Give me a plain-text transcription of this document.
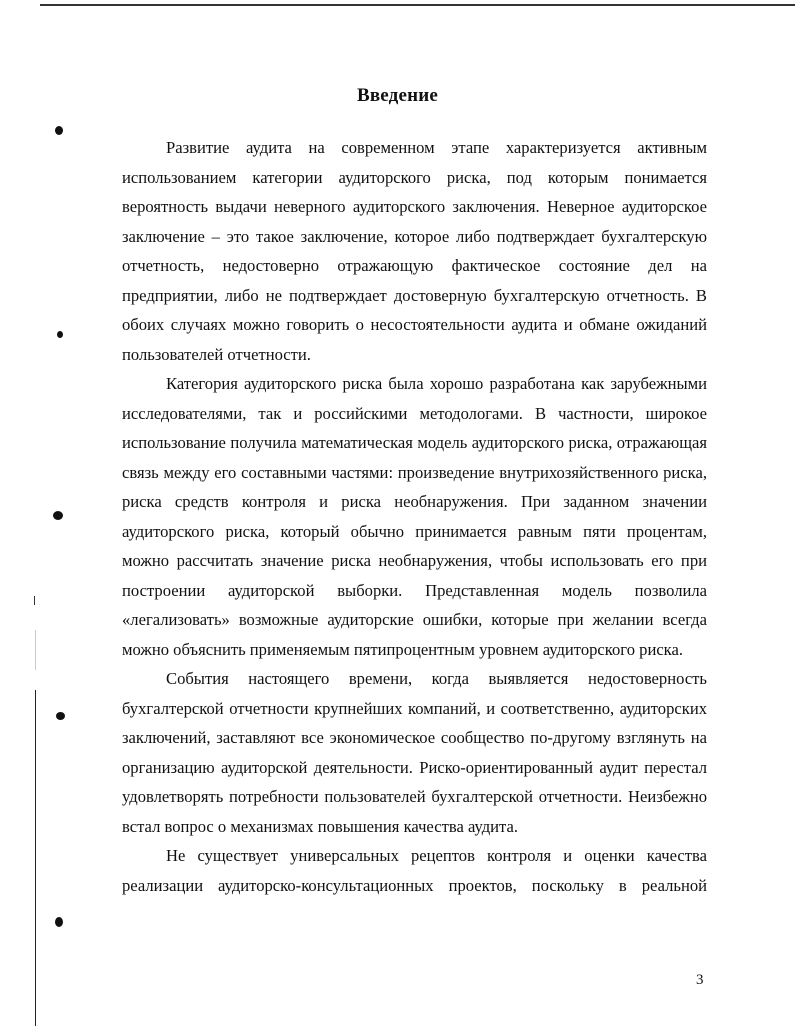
Введение

Развитие аудита на современном этапе характеризуется активным использованием категории аудиторского риска, под которым понимается вероятность выдачи неверного аудиторского заключения. Неверное аудиторское заключение – это такое заключение, которое либо подтверждает бухгалтерскую отчетность, недостоверно отражающую фактическое состояние дел на предприятии, либо не подтверждает достоверную бухгалтерскую отчетность. В обоих случаях можно говорить о несостоятельности аудита и обмане ожиданий пользователей отчетности.

Категория аудиторского риска была хорошо разработана как зарубежными исследователями, так и российскими методологами. В частности, широкое использование получила математическая модель аудиторского риска, отражающая связь между его составными частями: произведение внутрихозяйственного риска, риска средств контроля и риска необнаружения. При заданном значении аудиторского риска, который обычно принимается равным пяти процентам, можно рассчитать значение риска необнаружения, чтобы использовать его при построении аудиторской выборки. Представленная модель позволила «легализовать» возможные аудиторские ошибки, которые при желании всегда можно объяснить применяемым пятипроцентным уровнем аудиторского риска.

События настоящего времени, когда выявляется недостоверность бухгалтерской отчетности крупнейших компаний, и соответственно, аудиторских заключений, заставляют все экономическое сообщество по-другому взглянуть на организацию аудиторской деятельности. Риско-ориентированный аудит перестал удовлетворять потребности пользователей бухгалтерской отчетности. Неизбежно встал вопрос о механизмах повышения качества аудита.

Не существует универсальных рецептов контроля и оценки качества реализации аудиторско-консультационных проектов, поскольку в реальной

3
